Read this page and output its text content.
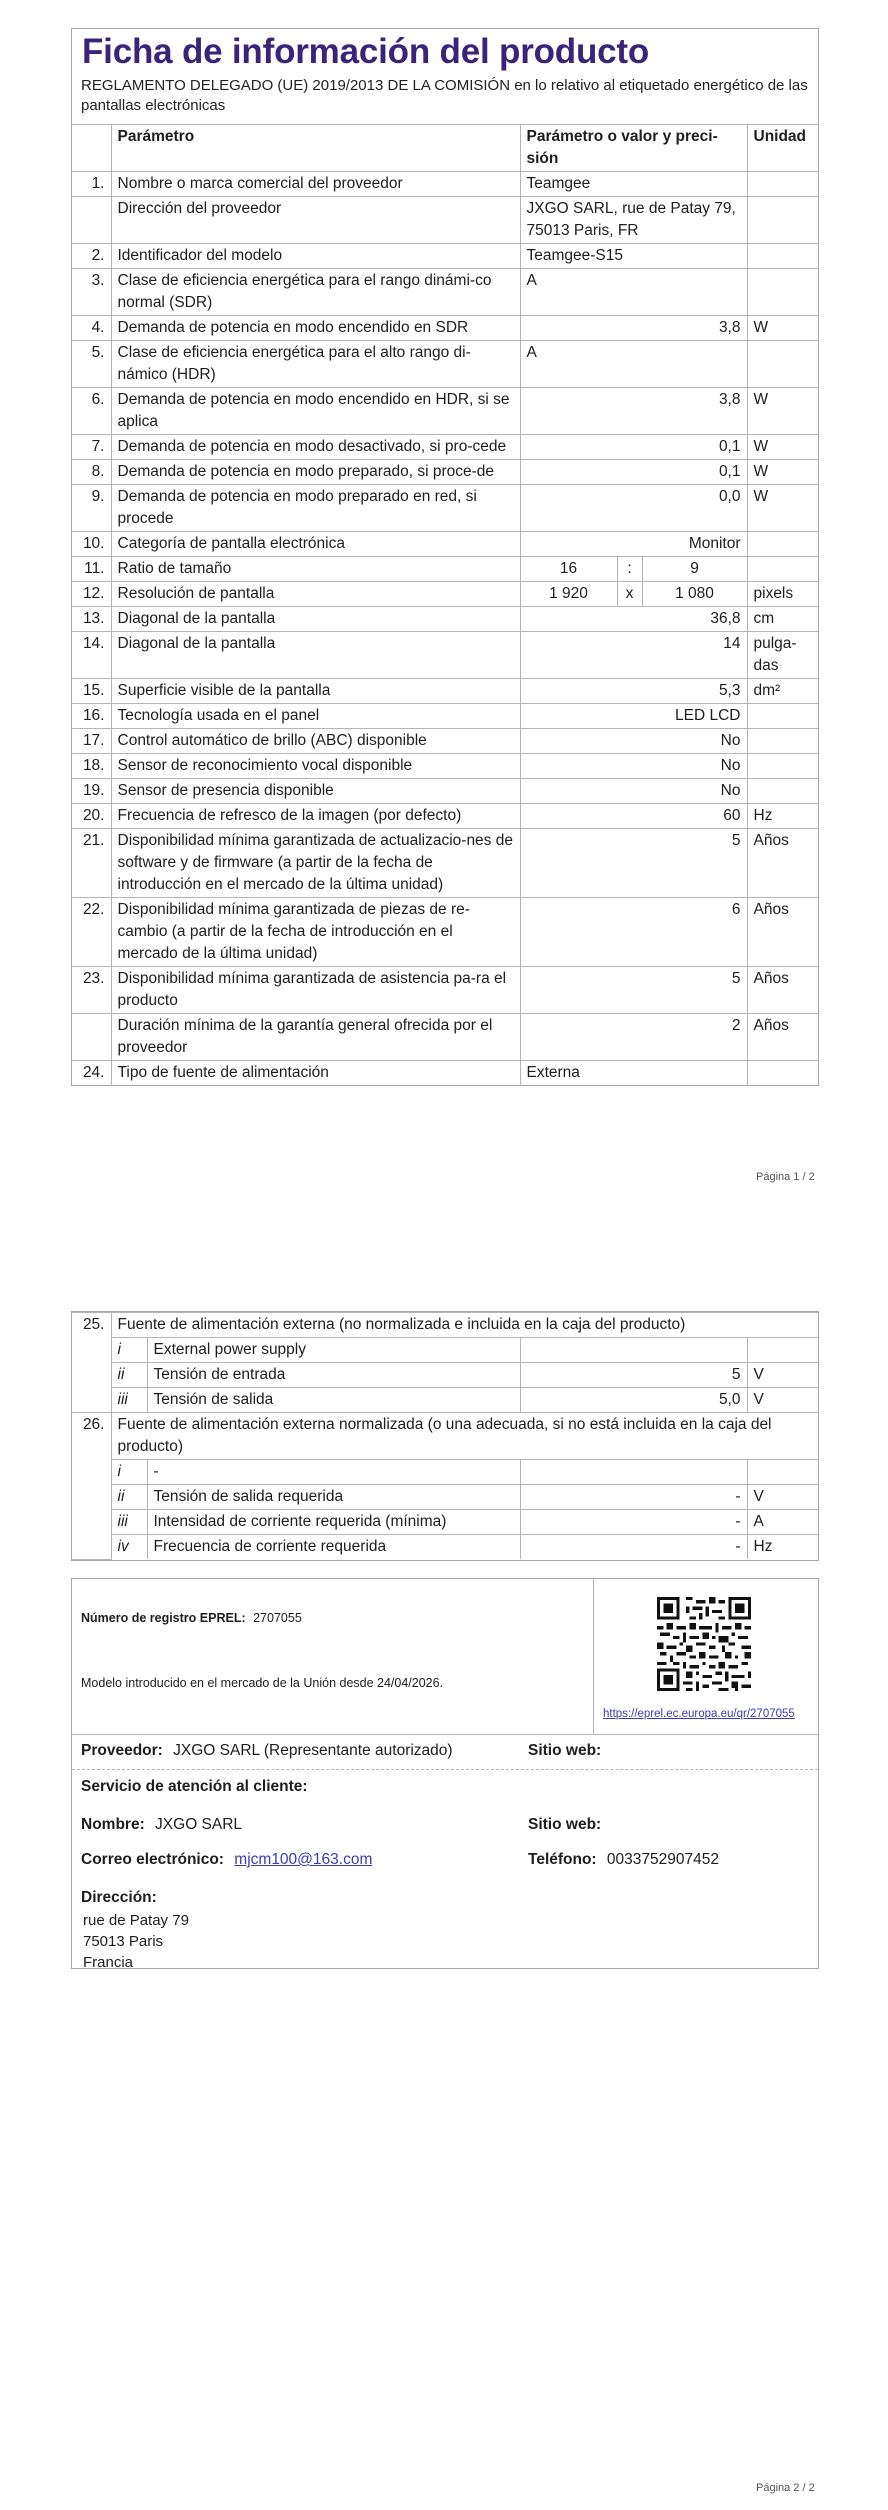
Ficha de información del producto
REGLAMENTO DELEGADO (UE) 2019/2013 DE LA COMISIÓN en lo relativo al etiquetado energético de las pantallas electrónicas
	Parámetro	Parámetro o valor y preci-sión			Unidad
1.	Nombre o marca comercial del proveedor	Teamgee			
	Dirección del proveedor	JXGO SARL, rue de Patay 79, 75013 Paris, FR			
2.	Identificador del modelo	Teamgee-S15			
3.	Clase de eficiencia energética para el rango dinámi-co normal (SDR)	A			
4.	Demanda de potencia en modo encendido en SDR	3,8			W
5.	Clase de eficiencia energética para el alto rango di-námico (HDR)	A			
6.	Demanda de potencia en modo encendido en HDR, si se aplica	3,8			W
7.	Demanda de potencia en modo desactivado, si pro-cede	0,1			W
8.	Demanda de potencia en modo preparado, si proce-de	0,1			W
9.	Demanda de potencia en modo preparado en red, si procede	0,0			W
10.	Categoría de pantalla electrónica	Monitor			
11.	Ratio de tamaño	16	:	9	
12.	Resolución de pantalla	1 920	x	1 080	pixels
13.	Diagonal de la pantalla	36,8			cm
14.	Diagonal de la pantalla	14			pulga-das
15.	Superficie visible de la pantalla	5,3			dm²
16.	Tecnología usada en el panel	LED LCD			
17.	Control automático de brillo (ABC) disponible	No			
18.	Sensor de reconocimiento vocal disponible	No			
19.	Sensor de presencia disponible	No			
20.	Frecuencia de refresco de la imagen (por defecto)	60			Hz
21.	Disponibilidad mínima garantizada de actualizacio-nes de software y de firmware (a partir de la fecha de introducción en el mercado de la última unidad)	5			Años
22.	Disponibilidad mínima garantizada de piezas de re-cambio (a partir de la fecha de introducción en el mercado de la última unidad)	6			Años
23.	Disponibilidad mínima garantizada de asistencia pa-ra el producto	5			Años
	Duración mínima de la garantía general ofrecida por el proveedor	2			Años
24.	Tipo de fuente de alimentación	Externa			
Página 1 / 2
25.	Fuente de alimentación externa (no normalizada e incluida en la caja del producto)			
	i	External power supply		
	ii	Tensión de entrada	5	V
	iii	Tensión de salida	5,0	V
26.	Fuente de alimentación externa normalizada (o una adecuada, si no está incluida en la caja del producto)			
	i	-		
	ii	Tensión de salida requerida	-	V
	iii	Intensidad de corriente requerida (mínima)	-	A
	iv	Frecuencia de corriente requerida	-	Hz
Número de registro EPREL: 2707055
Modelo introducido en el mercado de la Unión desde 24/04/2026.
https://eprel.ec.europa.eu/qr/2707055
Proveedor: JXGO SARL (Representante autorizado)	Sitio web:
Servicio de atención al cliente:
Nombre: JXGO SARL	Sitio web:
Correo electrónico: mjcm100@163.com	Teléfono: 0033752907452
Dirección:
rue de Patay 79
75013 Paris
Francia
Página 2 / 2
